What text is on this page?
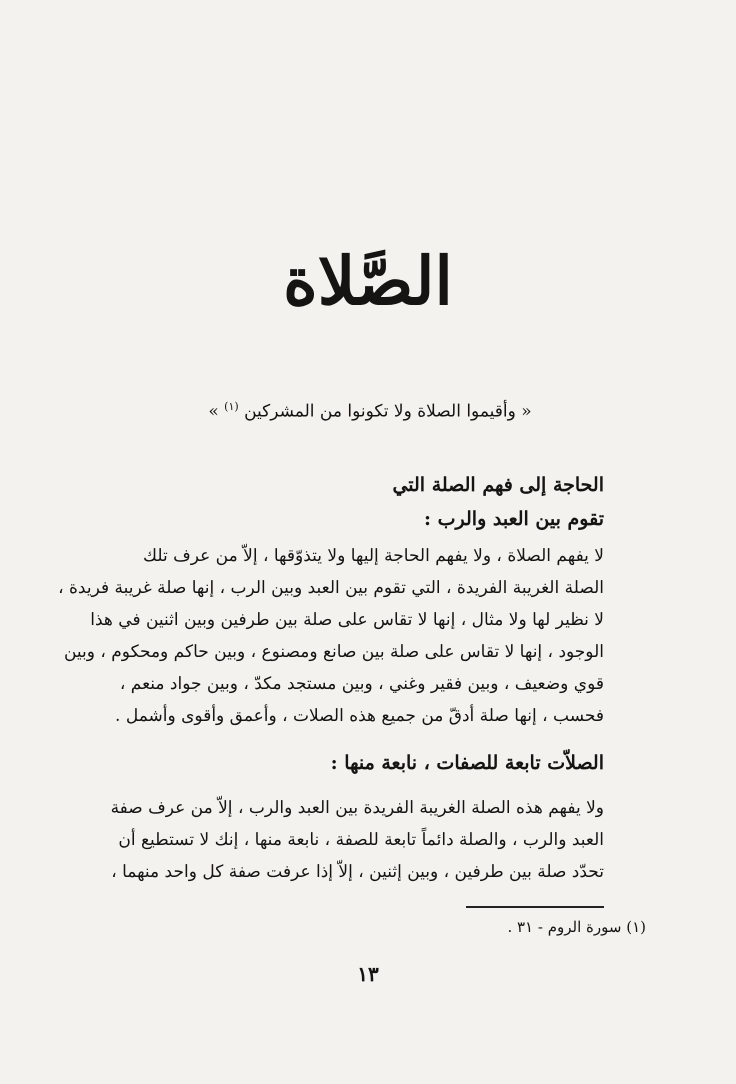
الصَّلاة
« وأقيموا الصلاة ولا تكونوا من المشركين $^{(١)}$ »
الحاجة إلى فهم الصلة التي
تقوم بين العبد والرب :
لا يفهم الصلاة ، ولا يفهم الحاجة إليها ولا يتذوّقها ، إلاّ من عرف تلك
الصلة الغريبة الفريدة ، التي تقوم بين العبد وبين الرب ، إنها صلة غريبة فريدة ،
لا نظير لها ولا مثال ، إنها لا تقاس على صلة بين طرفين وبين اثنين في هذا
الوجود ، إنها لا تقاس على صلة بين صانع ومصنوع ، وبين حاكم ومحكوم ، وبين
قوي وضعيف ، وبين فقير وغني ، وبين مستجد مكدّ ، وبين جواد منعم ،
فحسب ، إنها صلة أدقّ من جميع هذه الصلات ، وأعمق وأقوى وأشمل .
الصلاّت تابعة للصفات ، نابعة منها :
ولا يفهم هذه الصلة الغريبة الفريدة بين العبد والرب ، إلاّ من عرف صفة
العبد والرب ، والصلة دائماً تابعة للصفة ، نابعة منها ، إنك لا تستطيع أن
تحدّد صلة بين طرفين ، وبين إثنين ، إلاّ إذا عرفت صفة كل واحد منهما ،
(١) سورة الروم - ٣١ .
١٣
